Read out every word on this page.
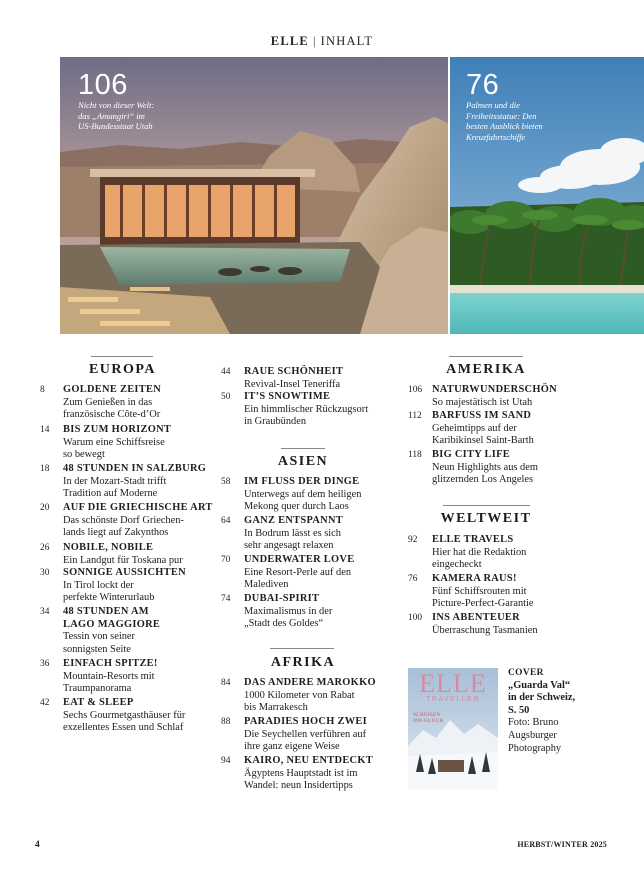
ELLE | INHALT
106
Nicht von dieser Welt:
das „Amangiri“ im
US-Bundesstaat Utah
76
Palmen und die
Freiheitsstatue: Den
besten Ausblick bieten
Kreuzfahrtschiffe
EUROPA
ASIEN
AFRIKA
AMERIKA
WELTWEIT
8 GOLDENE ZEITEN
Zum Genießen in das
französische Côte-d’Or
14 BIS ZUM HORIZONT
Warum eine Schiffsreise
so bewegt
18 48 STUNDEN IN SALZBURG
In der Mozart-Stadt trifft
Tradition auf Moderne
20 AUF DIE GRIECHISCHE ART
Das schönste Dorf Griechen-
lands liegt auf Zakynthos
26 NOBILE, NOBILE
Ein Landgut für Toskana pur
30 SONNIGE AUSSICHTEN
In Tirol lockt der
perfekte Winterurlaub
34 48 STUNDEN AM
LAGO MAGGIORE
Tessin von seiner
sonnigsten Seite
36 EINFACH SPITZE!
Mountain-Resorts mit
Traumpanorama
42 EAT & SLEEP
Sechs Gourmetgasthäuser für
exzellentes Essen und Schlaf
44 RAUE SCHÖNHEIT
Revival-Insel Teneriffa
50 IT’S SNOWTIME
Ein himmlischer Rückzugsort
in Graubünden
58 IM FLUSS DER DINGE
Unterwegs auf dem heiligen
Mekong quer durch Laos
64 GANZ ENTSPANNT
In Bodrum lässt es sich
sehr angesagt relaxen
70 UNDERWATER LOVE
Eine Resort-Perle auf den
Malediven
74 DUBAI-SPIRIT
Maximalismus in der
„Stadt des Goldes“
84 DAS ANDERE MAROKKO
1000 Kilometer von Rabat
bis Marrakesch
88 PARADIES HOCH ZWEI
Die Seychellen verführen auf
ihre ganz eigene Weise
94 KAIRO, NEU ENTDECKT
Ägyptens Hauptstadt ist im
Wandel: neun Insidertipps
106 NATURWUNDERSCHÖN
So majestätisch ist Utah
112 BARFUSS IM SAND
Geheimtipps auf der
Karibikinsel Saint-Barth
118 BIG CITY LIFE
Neun Highlights aus dem
glitzernden Los Angeles
92 ELLE TRAVELS
Hier hat die Redaktion
eingecheckt
76 KAMERA RAUS!
Fünf Schiffsrouten mit
Picture-Perfect-Garantie
100 INS ABENTEUER
Überraschung Tasmanien
ELLE
TRAVELLER
42 REISEN
INS GLÜCK
COVER
„Guarda Val“
in der Schweiz,
S. 50
Foto: Bruno
Augsburger
Photography
4	HERBST/WINTER 2025
